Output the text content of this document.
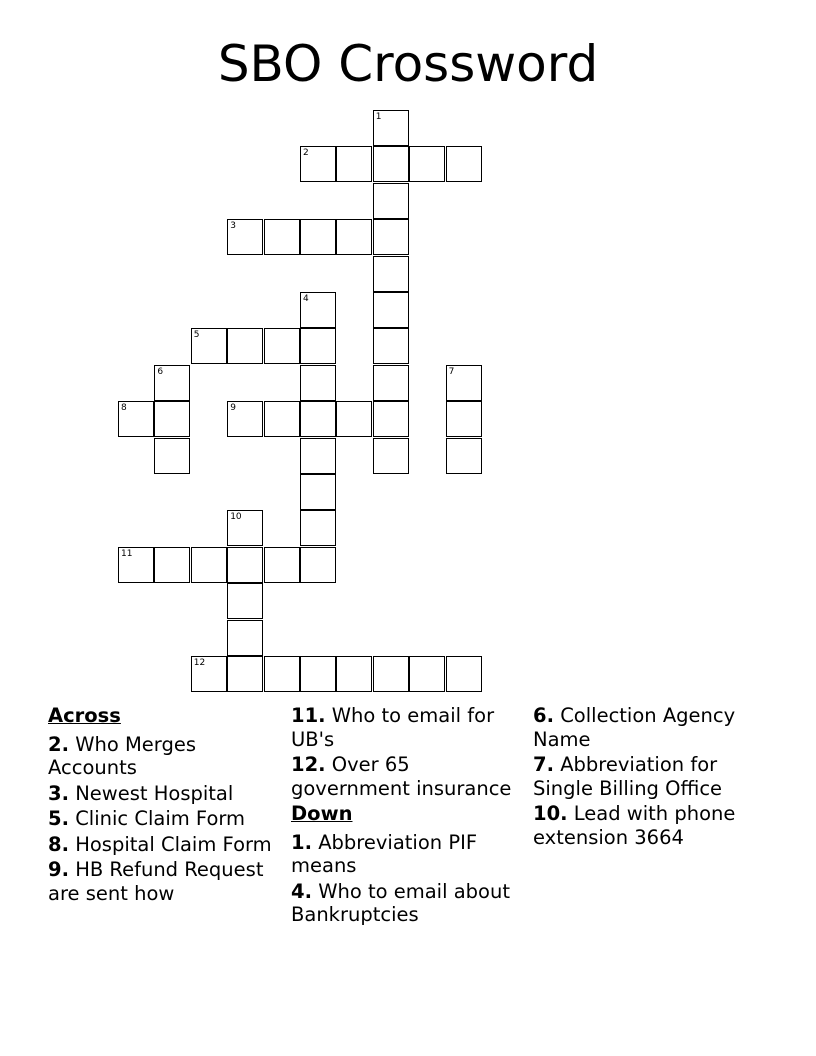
SBO Crossword
1
2
3
4
5
6	7
8	9
10
11
12
Across
2. Who Merges Accounts
3. Newest Hospital
5. Clinic Claim Form
8. Hospital Claim Form
9. HB Refund Request are sent how
11. Who to email for UB's
12. Over 65 government insurance
Down
1. Abbreviation PIF means
4. Who to email about Bankruptcies
6. Collection Agency Name
7. Abbreviation for Single Billing Office
10. Lead with phone extension 3664
